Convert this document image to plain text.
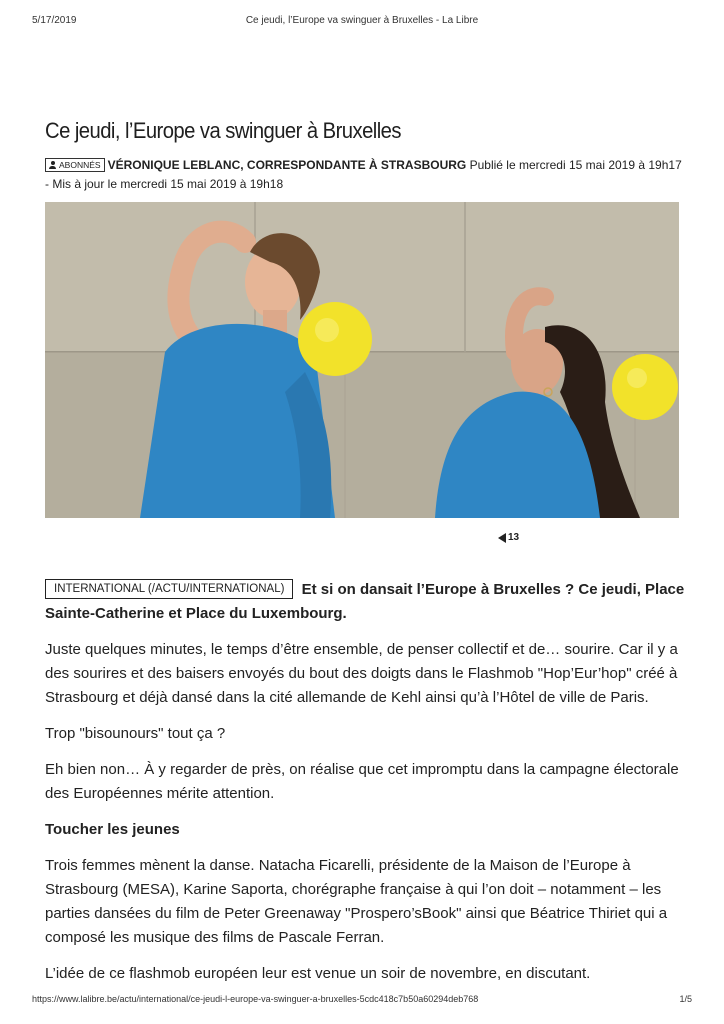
5/17/2019	Ce jeudi, l’Europe va swinguer à Bruxelles - La Libre
Ce jeudi, l’Europe va swinguer à Bruxelles
ABONNÉS VÉRONIQUE LEBLANC, CORRESPONDANTE À STRASBOURG Publié le mercredi 15 mai 2019 à 19h17 - Mis à jour le mercredi 15 mai 2019 à 19h18
13

INTERNATIONAL (/ACTU/INTERNATIONAL) Et si on dansait l’Europe à Bruxelles ? Ce jeudi, Place Sainte-Catherine et Place du Luxembourg.

Juste quelques minutes, le temps d’être ensemble, de penser collectif et de… sourire. Car il y a des sourires et des baisers envoyés du bout des doigts dans le Flashmob "Hop’Eur’hop" créé à Strasbourg et déjà dansé dans la cité allemande de Kehl ainsi qu’à l’Hôtel de ville de Paris.

Trop "bisounours" tout ça ?

Eh bien non… À y regarder de près, on réalise que cet impromptu dans la campagne électorale des Européennes mérite attention.

Toucher les jeunes

Trois femmes mènent la danse. Natacha Ficarelli, présidente de la Maison de l’Europe à Strasbourg (MESA), Karine Saporta, chorégraphe française à qui l’on doit – notamment – les parties dansées du film de Peter Greenaway "Prospero’sBook" ainsi que Béatrice Thiriet qui a composé les musique des films de Pascale Ferran.

L’idée de ce flashmob européen leur est venue un soir de novembre, en discutant.

https://www.lalibre.be/actu/international/ce-jeudi-l-europe-va-swinguer-a-bruxelles-5cdc418c7b50a60294deb768	1/5
